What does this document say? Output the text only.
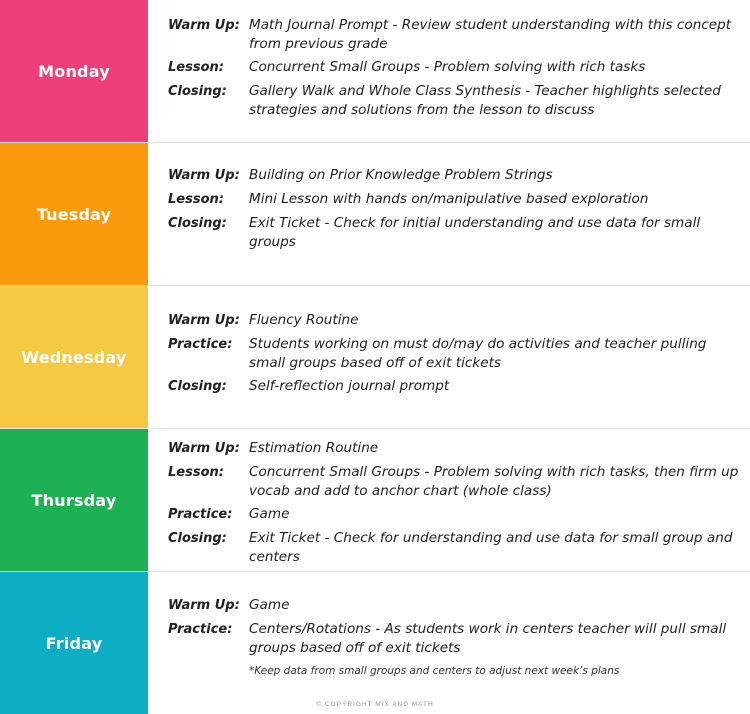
Monday
Warm Up: Math Journal Prompt - Review student understanding with this concept from previous grade
Lesson:	Concurrent Small Groups - Problem solving with rich tasks
Closing:	Gallery Walk and Whole Class Synthesis - Teacher highlights selected strategies and solutions from the lesson to discuss
Tuesday
Warm Up: Building on Prior Knowledge Problem Strings
Lesson:	Mini Lesson with hands on/manipulative based exploration
Closing:	Exit Ticket - Check for initial understanding and use data for small groups
Wednesday
Warm Up: Fluency Routine
Practice:	Students working on must do/may do activities and teacher pulling small groups based off of exit tickets
Closing:	Self-reflection journal prompt
Thursday
Warm Up: Estimation Routine
Lesson:	Concurrent Small Groups - Problem solving with rich tasks, then firm up vocab and add to anchor chart (whole class)
Practice:	Game
Closing:	Exit Ticket - Check for understanding and use data for small group and centers
Friday
Warm Up: Game
Practice:	Centers/Rotations - As students work in centers teacher will pull small groups based off of exit tickets
*Keep data from small groups and centers to adjust next week’s plans
© COPYRIGHT MIX AND MATH
